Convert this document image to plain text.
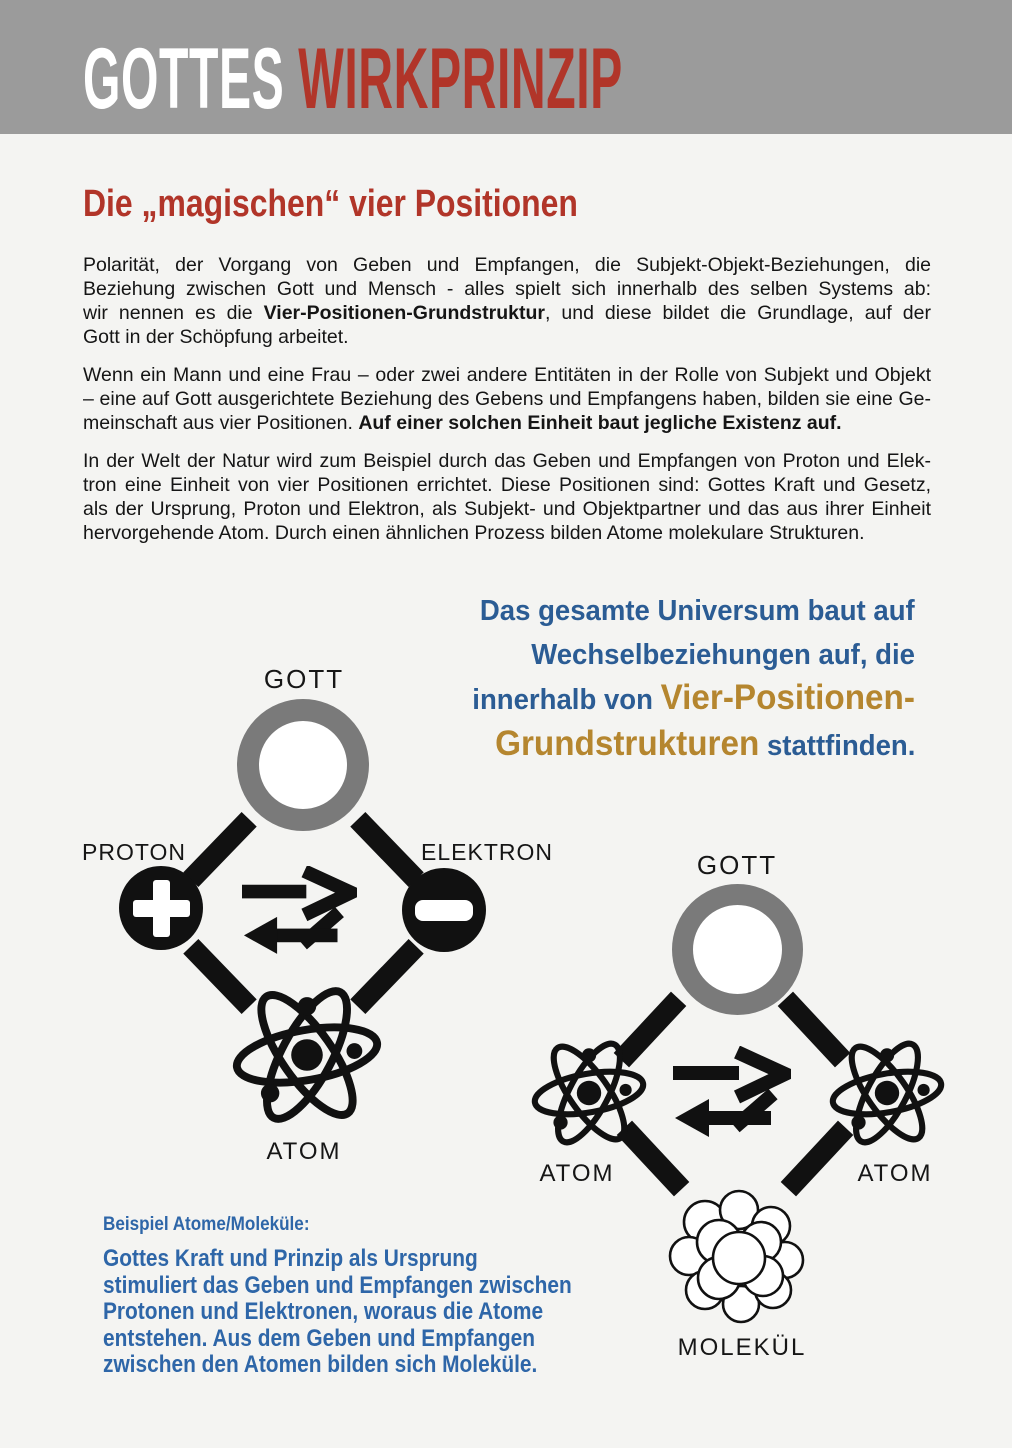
GOTTES WIRKPRINZIP
Die „magischen“ vier Positionen
Polarität, der Vorgang von Geben und Empfangen, die Subjekt-Objekt-Beziehungen, die
Beziehung zwischen Gott und Mensch - alles spielt sich innerhalb des selben Systems ab:
wir nennen es die Vier-Positionen-Grundstruktur, und diese bildet die Grundlage, auf der
Gott in der Schöpfung arbeitet.
Wenn ein Mann und eine Frau – oder zwei andere Entitäten in der Rolle von Subjekt und Objekt
– eine auf Gott ausgerichtete Beziehung des Gebens und Empfangens haben, bilden sie eine Ge-
meinschaft aus vier Positionen. Auf einer solchen Einheit baut jegliche Existenz auf.
In der Welt der Natur wird zum Beispiel durch das Geben und Empfangen von Proton und Elek-
tron eine Einheit von vier Positionen errichtet. Diese Positionen sind: Gottes Kraft und Gesetz,
als der Ursprung, Proton und Elektron, als Subjekt- und Objektpartner und das aus ihrer Einheit
hervorgehende Atom. Durch einen ähnlichen Prozess bilden Atome molekulare Strukturen.
Das gesamte Universum baut auf
Wechselbeziehungen auf, die
innerhalb von Vier-Positionen-
Grundstrukturen stattfinden.
GOTT
PROTON	ELEKTRON
ATOM
GOTT
ATOM	ATOM
MOLEKÜL
Beispiel Atome/Moleküle:
Gottes Kraft und Prinzip als Ursprung
stimuliert das Geben und Empfangen zwischen
Protonen und Elektronen, woraus die Atome
entstehen. Aus dem Geben und Empfangen
zwischen den Atomen bilden sich Moleküle.
